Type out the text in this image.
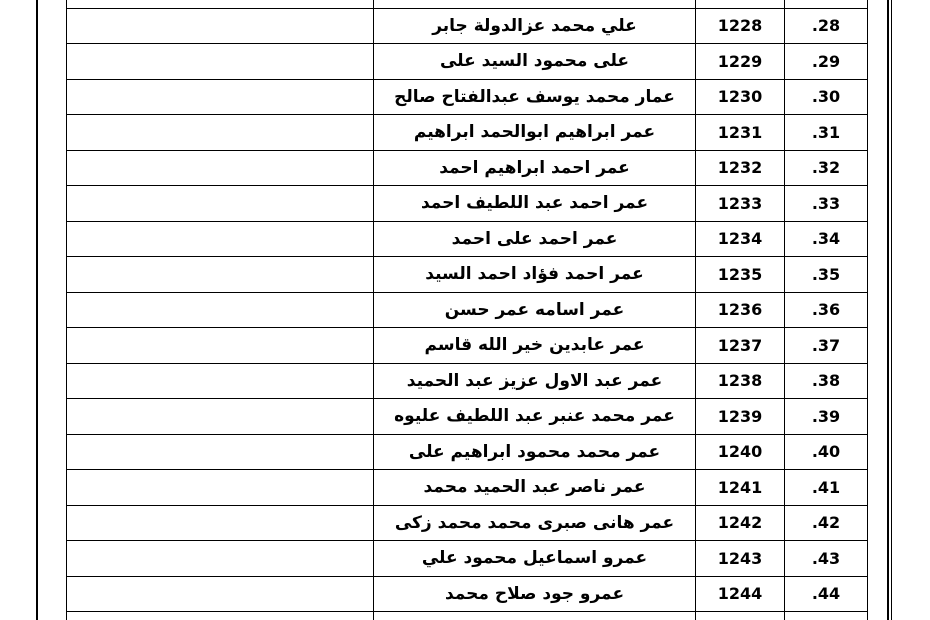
	علي محمد عزالدولة جابر	1228	.28
	على محمود السيد على	1229	.29
	عمار محمد يوسف عبدالفتاح صالح	1230	.30
	عمر ابراهيم ابوالحمد ابراهيم	1231	.31
	عمر احمد ابراهيم احمد	1232	.32
	عمر احمد عبد اللطيف احمد	1233	.33
	عمر احمد على احمد	1234	.34
	عمر احمد فؤاد احمد السيد	1235	.35
	عمر اسامه عمر حسن	1236	.36
	عمر عابدين خير الله قاسم	1237	.37
	عمر عبد الاول عزيز عبد الحميد	1238	.38
	عمر محمد عنبر عبد اللطيف عليوه	1239	.39
	عمر محمد محمود ابراهيم على	1240	.40
	عمر ناصر عبد الحميد محمد	1241	.41
	عمر هانى صبرى محمد محمد زكى	1242	.42
	عمرو اسماعيل محمود علي	1243	.43
	عمرو جود صلاح محمد	1244	.44
